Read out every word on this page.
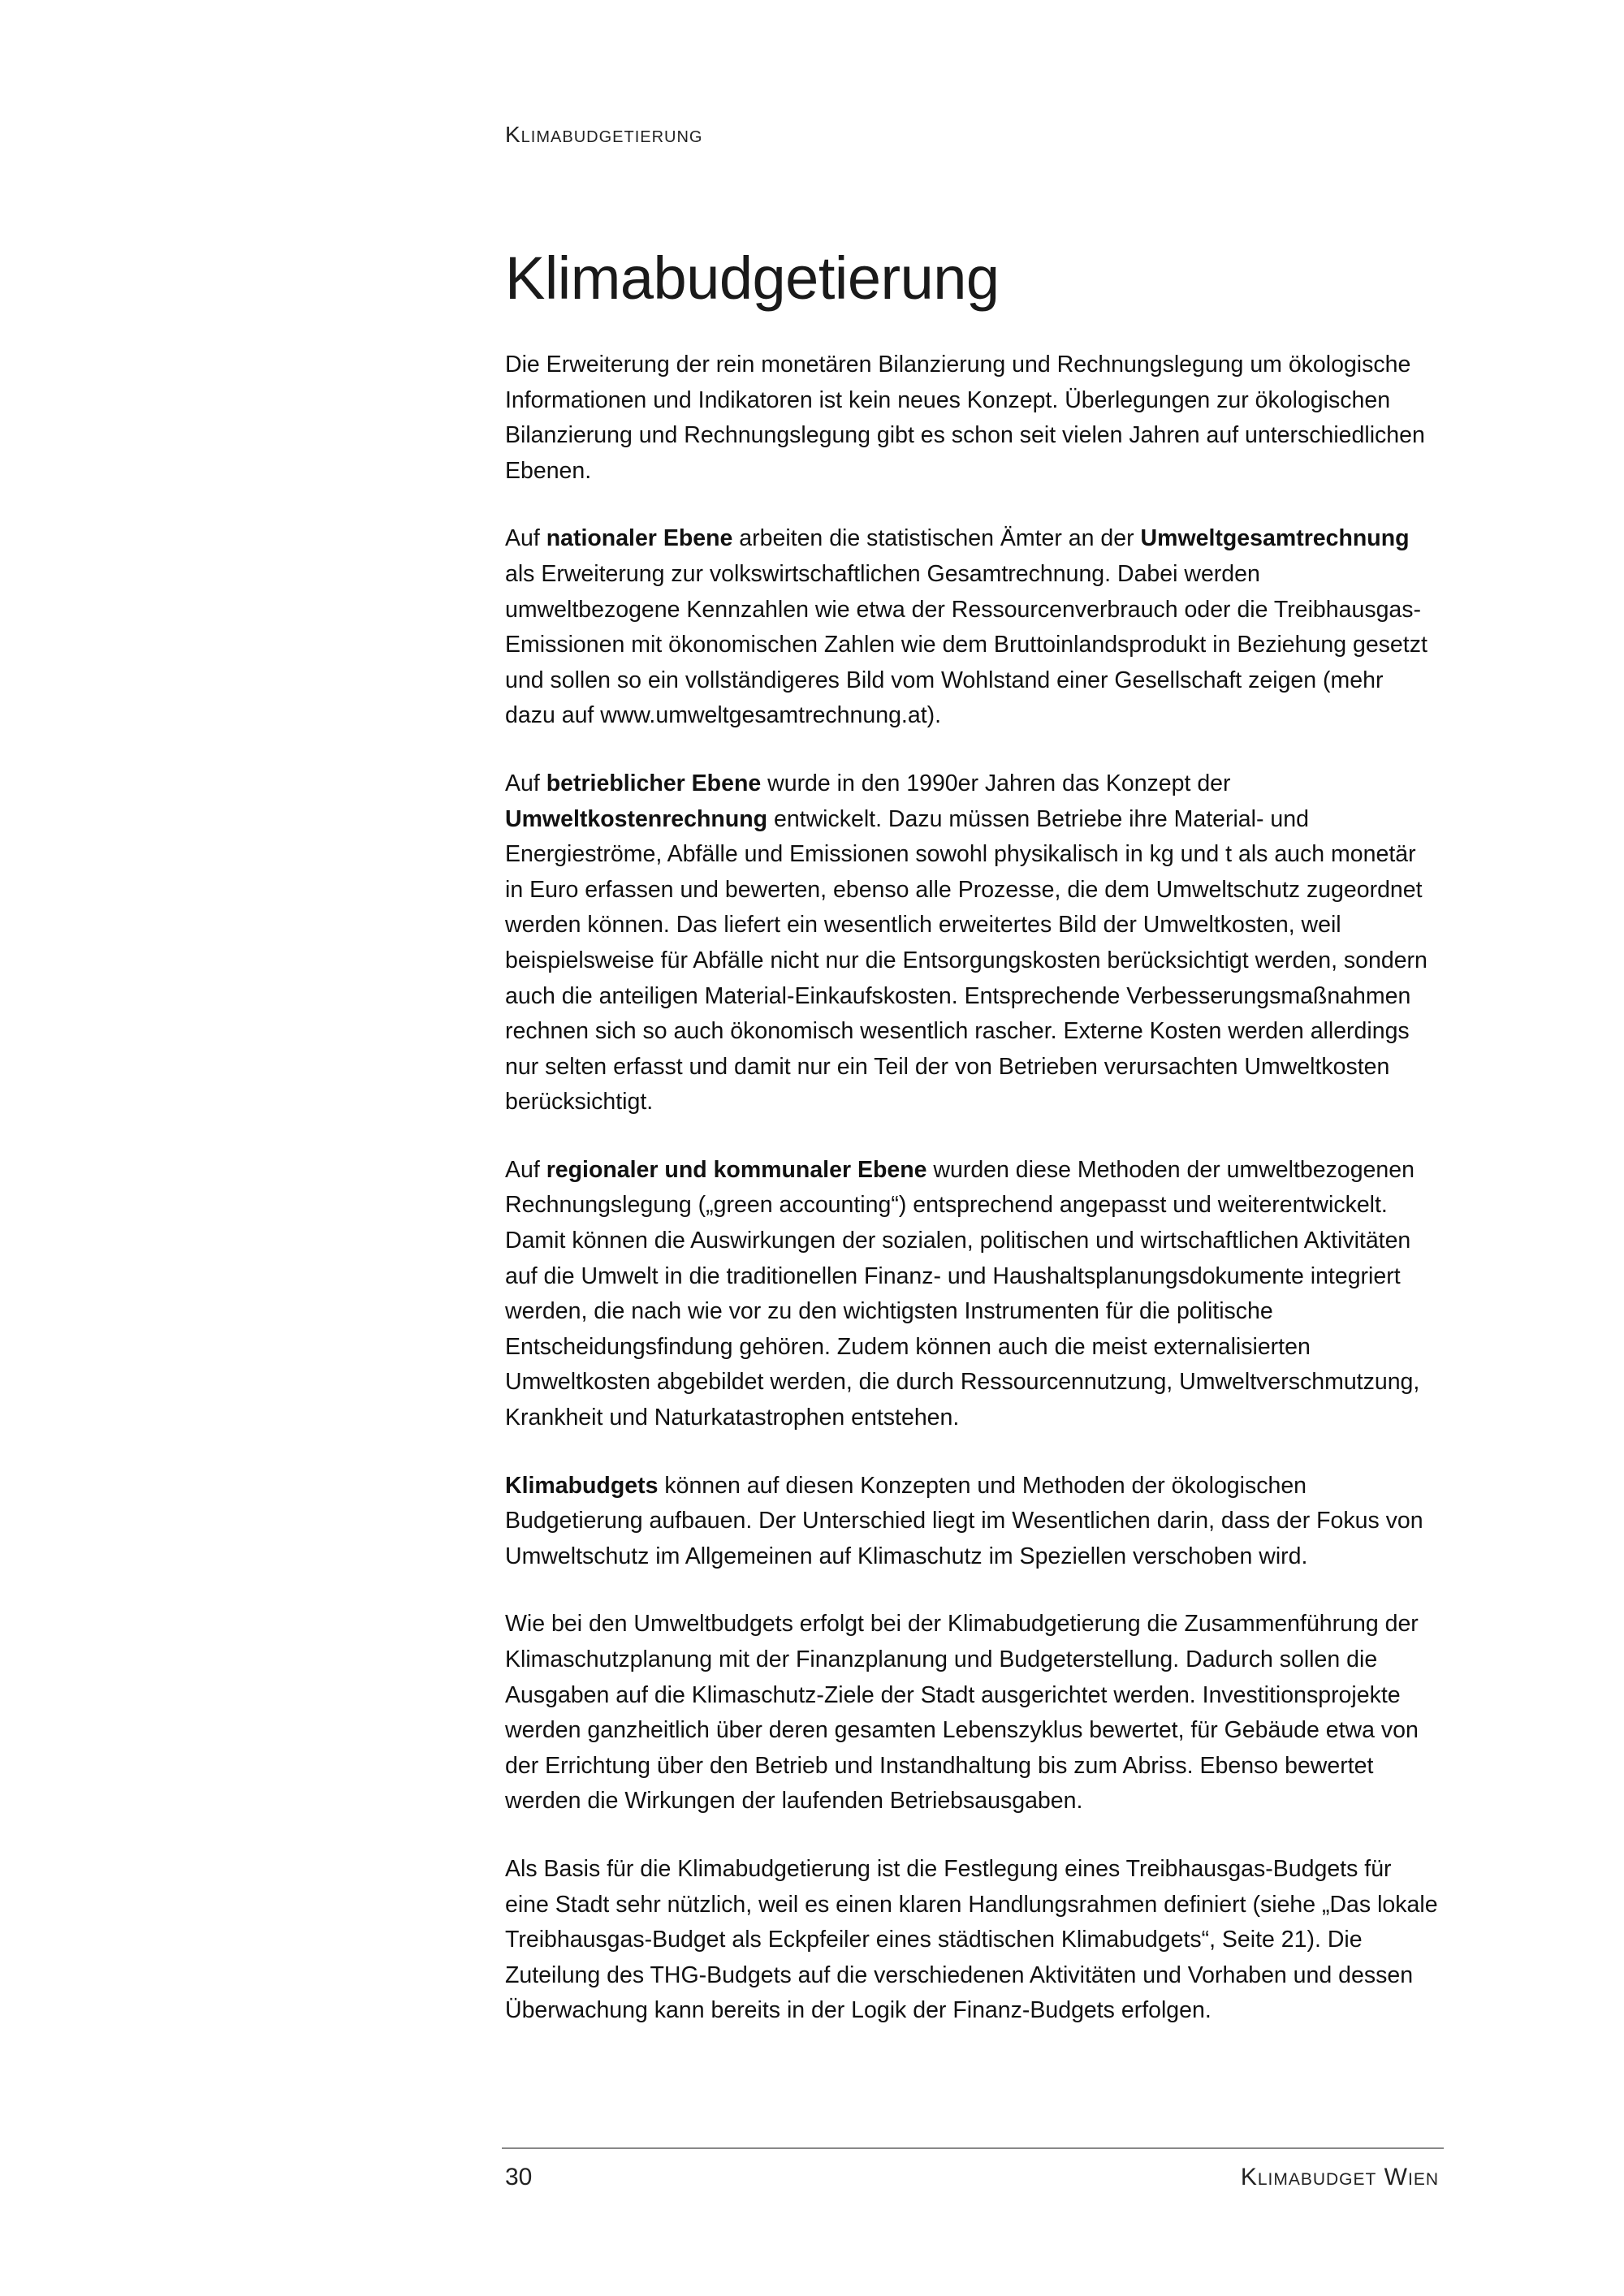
Klimabudgetierung
Klimabudgetierung

Die Erweiterung der rein monetären Bilanzierung und Rechnungslegung um ökologische Informationen und Indikatoren ist kein neues Konzept. Überlegungen zur ökologischen Bilanzierung und Rechnungslegung gibt es schon seit vielen Jahren auf unterschiedlichen Ebenen.

Auf nationaler Ebene arbeiten die statistischen Ämter an der Umweltgesamtrechnung als Erweiterung zur volkswirtschaftlichen Gesamtrechnung. Dabei werden umweltbezogene Kennzahlen wie etwa der Ressourcenverbrauch oder die Treibhausgas-Emissionen mit ökonomischen Zahlen wie dem Bruttoinlandsprodukt in Beziehung gesetzt und sollen so ein vollständigeres Bild vom Wohlstand einer Gesellschaft zeigen (mehr dazu auf www.umweltgesamtrechnung.at).

Auf betrieblicher Ebene wurde in den 1990er Jahren das Konzept der Umweltkostenrechnung entwickelt. Dazu müssen Betriebe ihre Material- und Energieströme, Abfälle und Emissionen sowohl physikalisch in kg und t als auch monetär in Euro erfassen und bewerten, ebenso alle Prozesse, die dem Umweltschutz zugeordnet werden können. Das liefert ein wesentlich erweitertes Bild der Umweltkosten, weil beispielsweise für Abfälle nicht nur die Entsorgungskosten berücksichtigt werden, sondern auch die anteiligen Material-Einkaufskosten. Entsprechende Verbesserungsmaßnahmen rechnen sich so auch ökonomisch wesentlich rascher. Externe Kosten werden allerdings nur selten erfasst und damit nur ein Teil der von Betrieben verursachten Umweltkosten berücksichtigt.

Auf regionaler und kommunaler Ebene wurden diese Methoden der umweltbezogenen Rechnungslegung („green accounting“) entsprechend angepasst und weiterentwickelt. Damit können die Auswirkungen der sozialen, politischen und wirtschaftlichen Aktivitäten auf die Umwelt in die traditionellen Finanz- und Haushaltsplanungsdokumente integriert werden, die nach wie vor zu den wichtigsten Instrumenten für die politische Entscheidungsfindung gehören. Zudem können auch die meist externalisierten Umweltkosten abgebildet werden, die durch Ressourcennutzung, Umweltverschmutzung, Krankheit und Naturkatastrophen entstehen.

Klimabudgets können auf diesen Konzepten und Methoden der ökologischen Budgetierung aufbauen. Der Unterschied liegt im Wesentlichen darin, dass der Fokus von Umweltschutz im Allgemeinen auf Klimaschutz im Speziellen verschoben wird.

Wie bei den Umweltbudgets erfolgt bei der Klimabudgetierung die Zusammenführung der Klimaschutzplanung mit der Finanzplanung und Budgeterstellung. Dadurch sollen die Ausgaben auf die Klimaschutz-Ziele der Stadt ausgerichtet werden. Investitionsprojekte werden ganzheitlich über deren gesamten Lebenszyklus bewertet, für Gebäude etwa von der Errichtung über den Betrieb und Instandhaltung bis zum Abriss. Ebenso bewertet werden die Wirkungen der laufenden Betriebsausgaben.

Als Basis für die Klimabudgetierung ist die Festlegung eines Treibhausgas-Budgets für eine Stadt sehr nützlich, weil es einen klaren Handlungsrahmen definiert (siehe „Das lokale Treibhausgas-Budget als Eckpfeiler eines städtischen Klimabudgets“, Seite 21). Die Zuteilung des THG-Budgets auf die verschiedenen Aktivitäten und Vorhaben und dessen Überwachung kann bereits in der Logik der Finanz-Budgets erfolgen.

30	Klimabudget Wien
